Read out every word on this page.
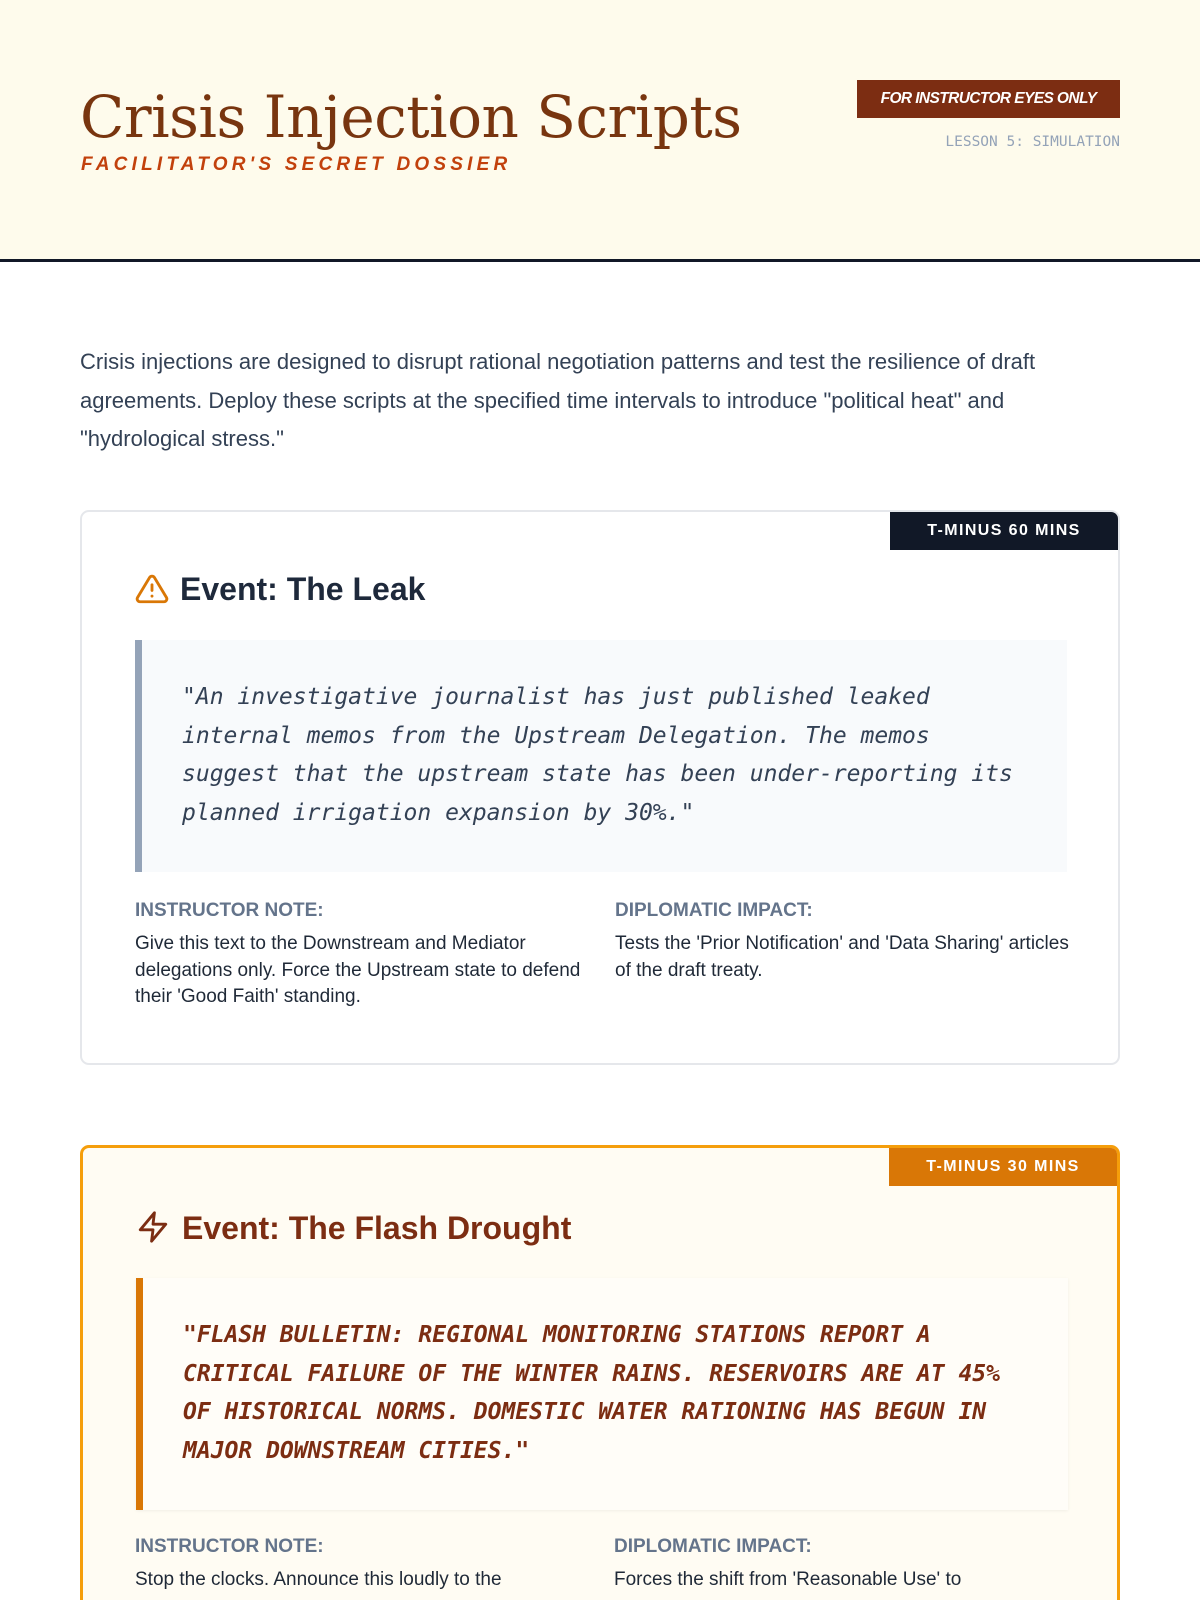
Crisis Injection Scripts
FACILITATOR'S SECRET DOSSIER
FOR INSTRUCTOR EYES ONLY
LESSON 5: SIMULATION

Crisis injections are designed to disrupt rational negotiation patterns and test the resilience of draft agreements. Deploy these scripts at the specified time intervals to introduce "political heat" and "hydrological stress."

T-MINUS 60 MINS
Event: The Leak
"An investigative journalist has just published leaked internal memos from the Upstream Delegation. The memos suggest that the upstream state has been under-reporting its planned irrigation expansion by 30%."
INSTRUCTOR NOTE:
Give this text to the Downstream and Mediator delegations only. Force the Upstream state to defend their 'Good Faith' standing.
DIPLOMATIC IMPACT:
Tests the 'Prior Notification' and 'Data Sharing' articles of the draft treaty.
T-MINUS 30 MINS
Event: The Flash Drought
"FLASH BULLETIN: REGIONAL MONITORING STATIONS REPORT A CRITICAL FAILURE OF THE WINTER RAINS. RESERVOIRS ARE AT 45% OF HISTORICAL NORMS. DOMESTIC WATER RATIONING HAS BEGUN IN MAJOR DOWNSTREAM CITIES."
INSTRUCTOR NOTE:
Stop the clocks. Announce this loudly to the
DIPLOMATIC IMPACT:
Forces the shift from 'Reasonable Use' to
